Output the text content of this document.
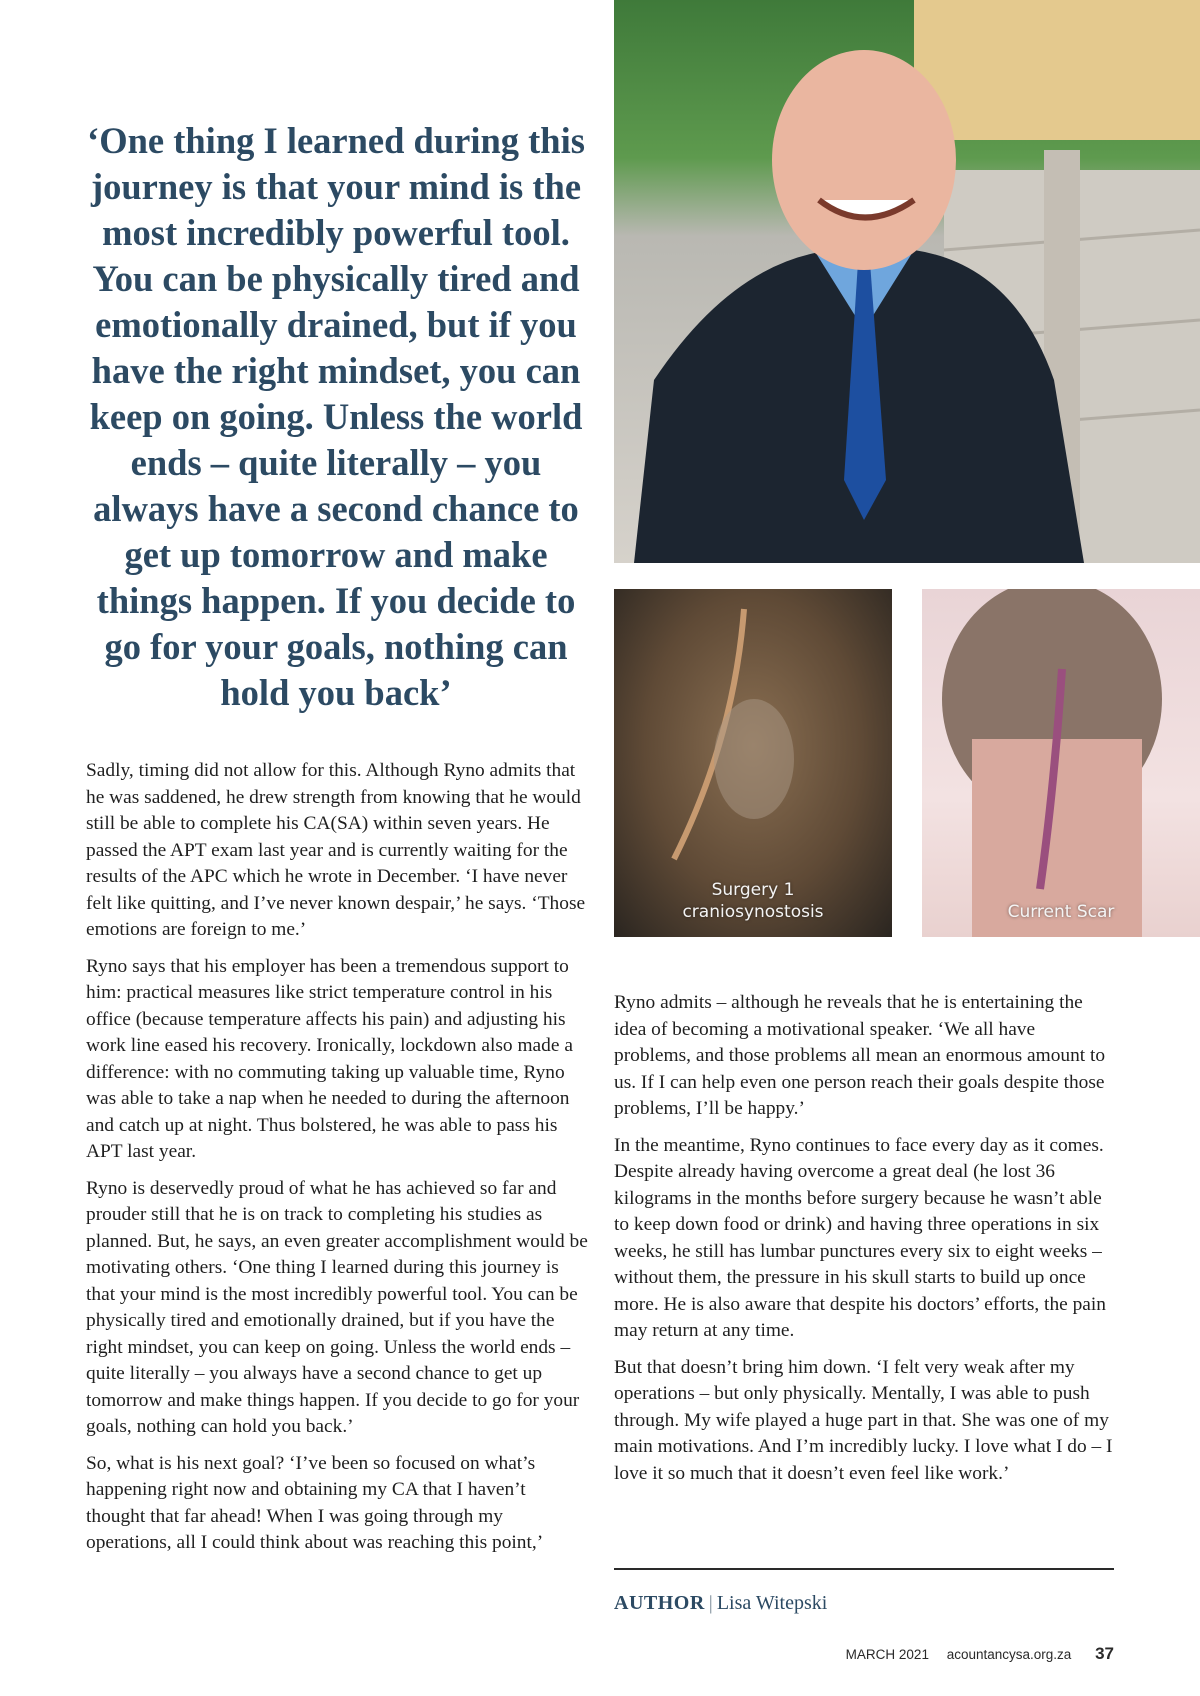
‘One thing I learned during this journey is that your mind is the most incredibly powerful tool. You can be physically tired and emotionally drained, but if you have the right mindset, you can keep on going. Unless the world ends – quite literally – you always have a second chance to get up tomorrow and make things happen. If you decide to go for your goals, nothing can hold you back’
Surgery 1
craniosynostosis	Current Scar

Sadly, timing did not allow for this. Although Ryno admits that he was saddened, he drew strength from knowing that he would still be able to complete his CA(SA) within seven years. He passed the APT exam last year and is currently waiting for the results of the APC which he wrote in December. ‘I have never felt like quitting, and I’ve never known despair,’ he says. ‘Those emotions are foreign to me.’

Ryno says that his employer has been a tremendous support to him: practical measures like strict temperature control in his office (because temperature affects his pain) and adjusting his work line eased his recovery. Ironically, lockdown also made a difference: with no commuting taking up valuable time, Ryno was able to take a nap when he needed to during the afternoon and catch up at night. Thus bolstered, he was able to pass his APT last year.

Ryno is deservedly proud of what he has achieved so far and prouder still that he is on track to completing his studies as planned. But, he says, an even greater accomplishment would be motivating others. ‘One thing I learned during this journey is that your mind is the most incredibly powerful tool. You can be physically tired and emotionally drained, but if you have the right mindset, you can keep on going. Unless the world ends – quite literally – you always have a second chance to get up tomorrow and make things happen. If you decide to go for your goals, nothing can hold you back.’

So, what is his next goal? ‘I’ve been so focused on what’s happening right now and obtaining my CA that I haven’t thought that far ahead! When I was going through my operations, all I could think about was reaching this point,’

Ryno admits – although he reveals that he is entertaining the idea of becoming a motivational speaker. ‘We all have problems, and those problems all mean an enormous amount to us. If I can help even one person reach their goals despite those problems, I’ll be happy.’

In the meantime, Ryno continues to face every day as it comes. Despite already having overcome a great deal (he lost 36 kilograms in the months before surgery because he wasn’t able to keep down food or drink) and having three operations in six weeks, he still has lumbar punctures every six to eight weeks – without them, the pressure in his skull starts to build up once more. He is also aware that despite his doctors’ efforts, the pain may return at any time.

But that doesn’t bring him down. ‘I felt very weak after my operations – but only physically. Mentally, I was able to push through. My wife played a huge part in that. She was one of my main motivations. And I’m incredibly lucky. I love what I do – I love it so much that it doesn’t even feel like work.’

AUTHOR | Lisa Witepski
MARCH 2021 acountancysa.org.za 37
